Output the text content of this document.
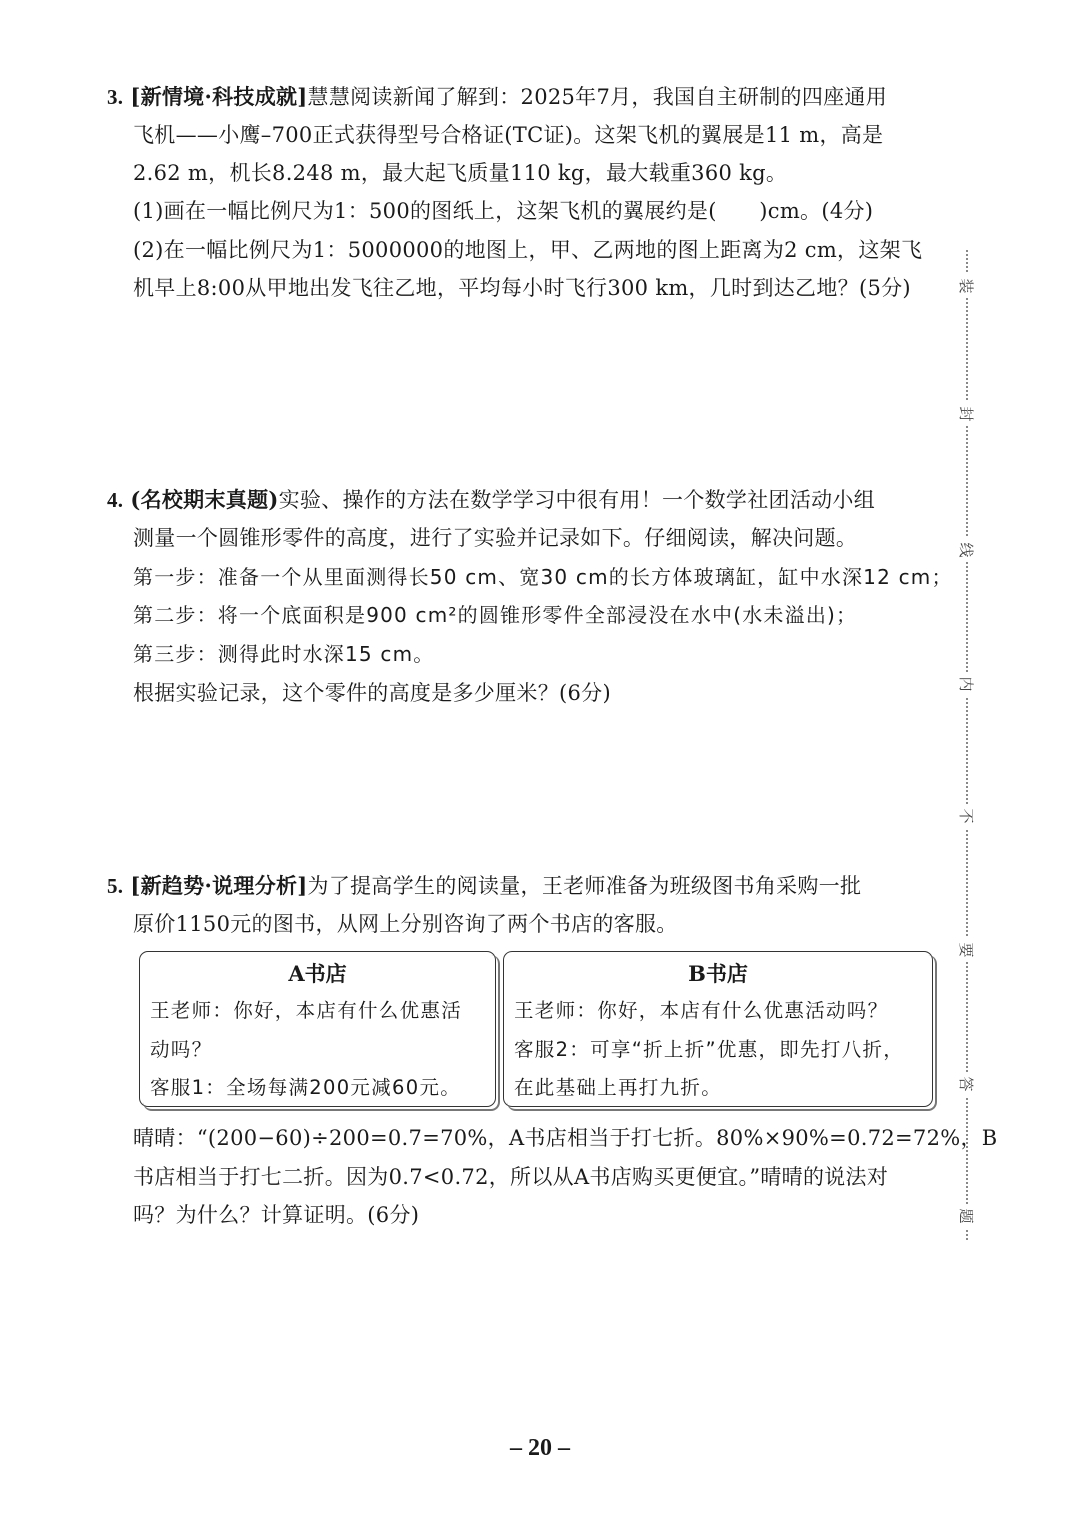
3. [新情境·科技成就]慧慧阅读新闻了解到：2025年7月，我国自主研制的四座通用
飞机——小鹰–700正式获得型号合格证(TC证)。这架飞机的翼展是11 m，高是
2.62 m，机长8.248 m，最大起飞质量110 kg，最大载重360 kg。
(1)画在一幅比例尺为1：500的图纸上，这架飞机的翼展约是(　　)cm。(4分)
(2)在一幅比例尺为1：5000000的地图上，甲、乙两地的图上距离为2 cm，这架飞
机早上8:00从甲地出发飞往乙地，平均每小时飞行300 km，几时到达乙地？(5分)
4. (名校期末真题)实验、操作的方法在数学学习中很有用！一个数学社团活动小组
测量一个圆锥形零件的高度，进行了实验并记录如下。仔细阅读，解决问题。
第一步：准备一个从里面测得长50 cm、宽30 cm的长方体玻璃缸，缸中水深12 cm；
第二步：将一个底面积是900 cm²的圆锥形零件全部浸没在水中(水未溢出)；
第三步：测得此时水深15 cm。
根据实验记录，这个零件的高度是多少厘米？(6分)
5. [新趋势·说理分析]为了提高学生的阅读量，王老师准备为班级图书角采购一批
原价1150元的图书，从网上分别咨询了两个书店的客服。
A书店
王老师：你好，本店有什么优惠活
动吗？
客服1：全场每满200元减60元。
B书店
王老师：你好，本店有什么优惠活动吗？
客服2：可享“折上折”优惠，即先打八折，
在此基础上再打九折。
晴晴：“(200−60)÷200=0.7=70%，A书店相当于打七折。80%×90%=0.72=72%，B
书店相当于打七二折。因为0.7<0.72，所以从A书店购买更便宜。”晴晴的说法对
吗？为什么？计算证明。(6分)
装
封
线
内
不
要
答
题
– 20 –
